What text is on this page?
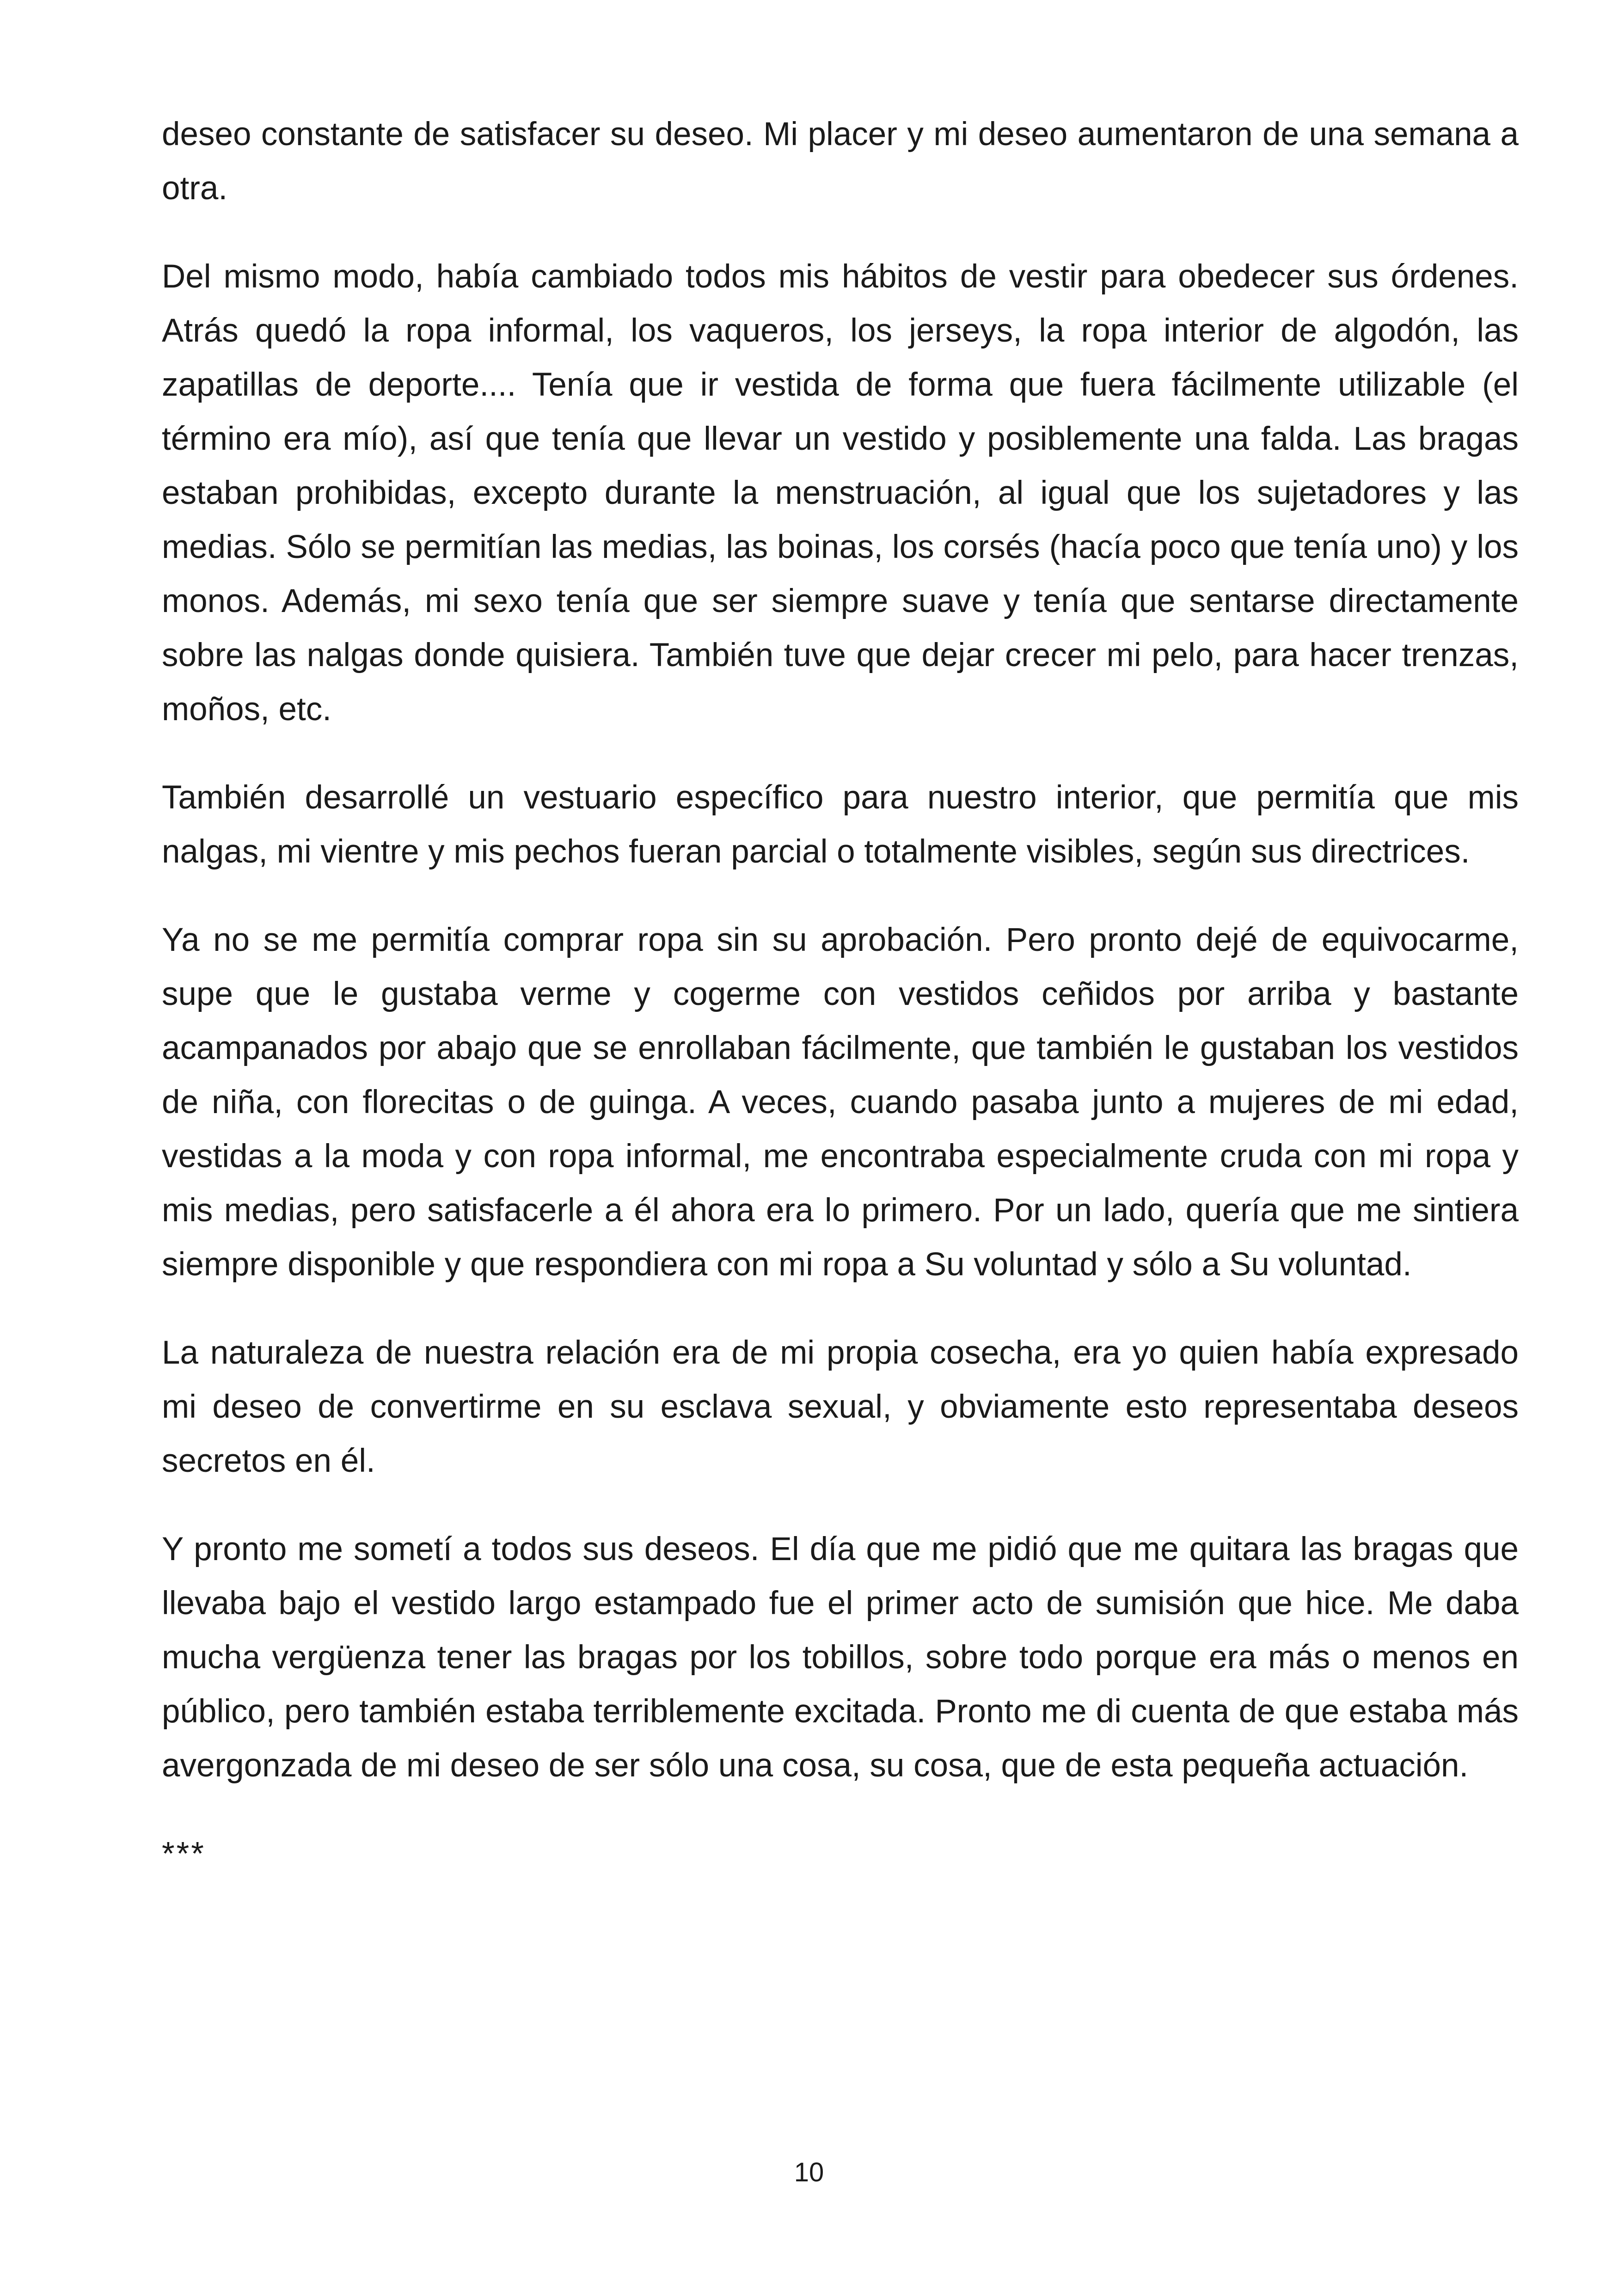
deseo constante de satisfacer su deseo. Mi placer y mi deseo aumentaron de una semana a otra.

Del mismo modo, había cambiado todos mis hábitos de vestir para obedecer sus órdenes. Atrás quedó la ropa informal, los vaqueros, los jerseys, la ropa interior de algodón, las zapatillas de deporte.... Tenía que ir vestida de forma que fuera fácilmente utilizable (el término era mío), así que tenía que llevar un vestido y posiblemente una falda. Las bragas estaban prohibidas, excepto durante la menstruación, al igual que los sujetadores y las medias. Sólo se permitían las medias, las boinas, los corsés (hacía poco que tenía uno) y los monos. Además, mi sexo tenía que ser siempre suave y tenía que sentarse directamente sobre las nalgas donde quisiera. También tuve que dejar crecer mi pelo, para hacer trenzas, moños, etc.

También desarrollé un vestuario específico para nuestro interior, que permitía que mis nalgas, mi vientre y mis pechos fueran parcial o totalmente visibles, según sus directrices.

Ya no se me permitía comprar ropa sin su aprobación. Pero pronto dejé de equivocarme, supe que le gustaba verme y cogerme con vestidos ceñidos por arriba y bastante acampanados por abajo que se enrollaban fácilmente, que también le gustaban los vestidos de niña, con florecitas o de guinga. A veces, cuando pasaba junto a mujeres de mi edad, vestidas a la moda y con ropa informal, me encontraba especialmente cruda con mi ropa y mis medias, pero satisfacerle a él ahora era lo primero. Por un lado, quería que me sintiera siempre disponible y que respondiera con mi ropa a Su voluntad y sólo a Su voluntad.

La naturaleza de nuestra relación era de mi propia cosecha, era yo quien había expresado mi deseo de convertirme en su esclava sexual, y obviamente esto representaba deseos secretos en él.

Y pronto me sometí a todos sus deseos. El día que me pidió que me quitara las bragas que llevaba bajo el vestido largo estampado fue el primer acto de sumisión que hice. Me daba mucha vergüenza tener las bragas por los tobillos, sobre todo porque era más o menos en público, pero también estaba terriblemente excitada. Pronto me di cuenta de que estaba más avergonzada de mi deseo de ser sólo una cosa, su cosa, que de esta pequeña actuación.

***
10
